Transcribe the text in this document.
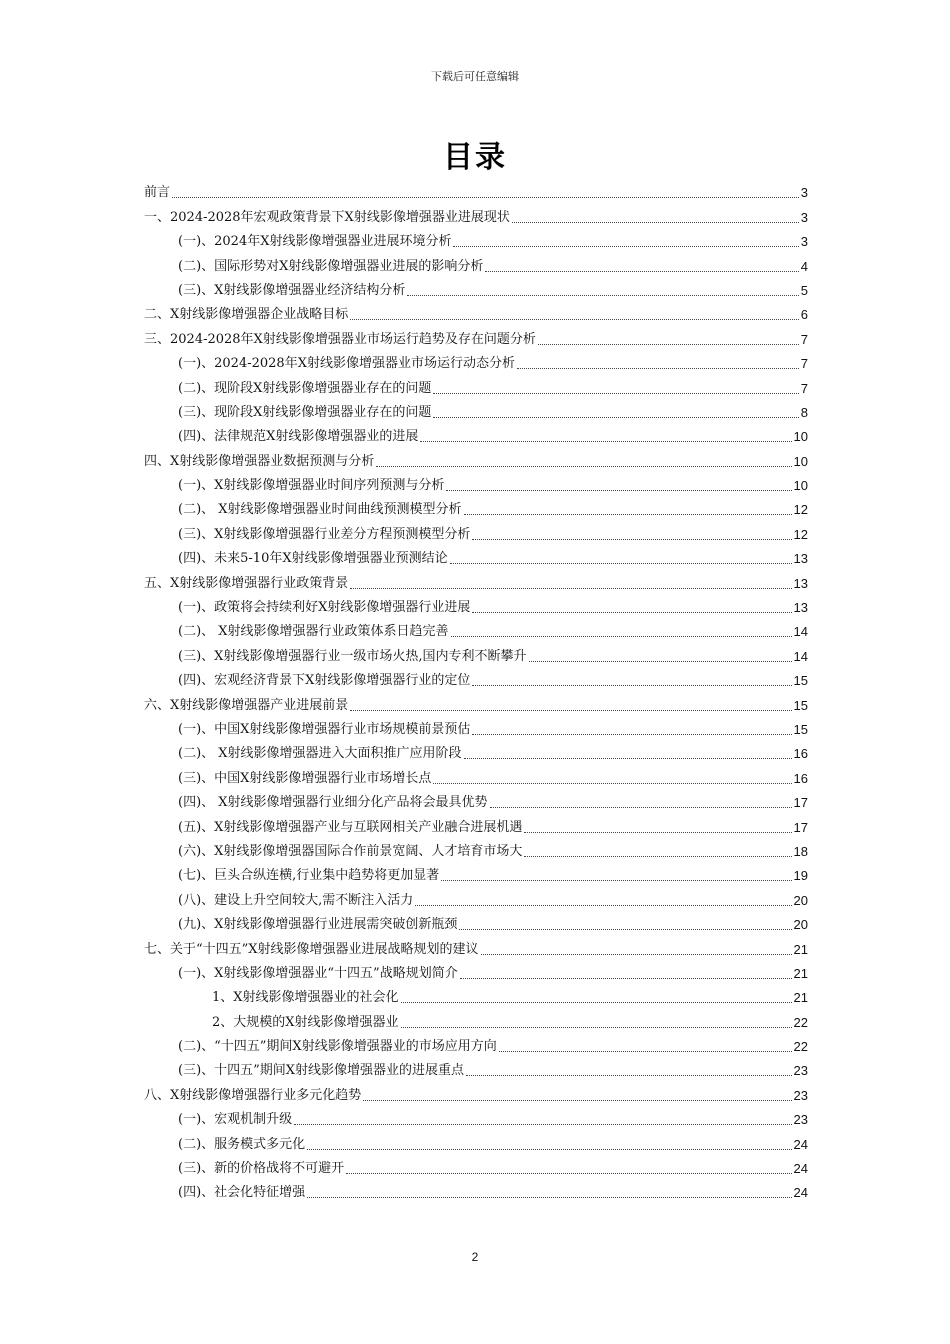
下载后可任意编辑
目录
前言	3
一、2024-2028年宏观政策背景下X射线影像增强器业进展现状	3
(一)、2024年X射线影像增强器业进展环境分析	3
(二)、国际形势对X射线影像增强器业进展的影响分析	4
(三)、X射线影像增强器业经济结构分析	5
二、X射线影像增强器企业战略目标	6
三、2024-2028年X射线影像增强器业市场运行趋势及存在问题分析	7
(一)、2024-2028年X射线影像增强器业市场运行动态分析	7
(二)、现阶段X射线影像增强器业存在的问题	7
(三)、现阶段X射线影像增强器业存在的问题	8
(四)、法律规范X射线影像增强器业的进展	10
四、X射线影像增强器业数据预测与分析	10
(一)、X射线影像增强器业时间序列预测与分析	10
(二)、 X射线影像增强器业时间曲线预测模型分析	12
(三)、X射线影像增强器行业差分方程预测模型分析	12
(四)、未来5-10年X射线影像增强器业预测结论	13
五、X射线影像增强器行业政策背景	13
(一)、政策将会持续利好X射线影像增强器行业进展	13
(二)、 X射线影像增强器行业政策体系日趋完善	14
(三)、X射线影像增强器行业一级市场火热,国内专利不断攀升	14
(四)、宏观经济背景下X射线影像增强器行业的定位	15
六、X射线影像增强器产业进展前景	15
(一)、中国X射线影像增强器行业市场规模前景预估	15
(二)、 X射线影像增强器进入大面积推广应用阶段	16
(三)、中国X射线影像增强器行业市场增长点	16
(四)、 X射线影像增强器行业细分化产品将会最具优势	17
(五)、X射线影像增强器产业与互联网相关产业融合进展机遇	17
(六)、X射线影像增强器国际合作前景宽阔、人才培育市场大	18
(七)、巨头合纵连横,行业集中趋势将更加显著	19
(八)、建设上升空间较大,需不断注入活力	20
(九)、X射线影像增强器行业进展需突破创新瓶颈	20
七、关于“十四五”X射线影像增强器业进展战略规划的建议	21
(一)、X射线影像增强器业“十四五”战略规划简介	21
1、X射线影像增强器业的社会化	21
2、大规模的X射线影像增强器业	22
(二)、“十四五”期间X射线影像增强器业的市场应用方向	22
(三)、十四五”期间X射线影像增强器业的进展重点	23
八、X射线影像增强器行业多元化趋势	23
(一)、宏观机制升级	23
(二)、服务模式多元化	24
(三)、新的价格战将不可避开	24
(四)、社会化特征增强	24
2
